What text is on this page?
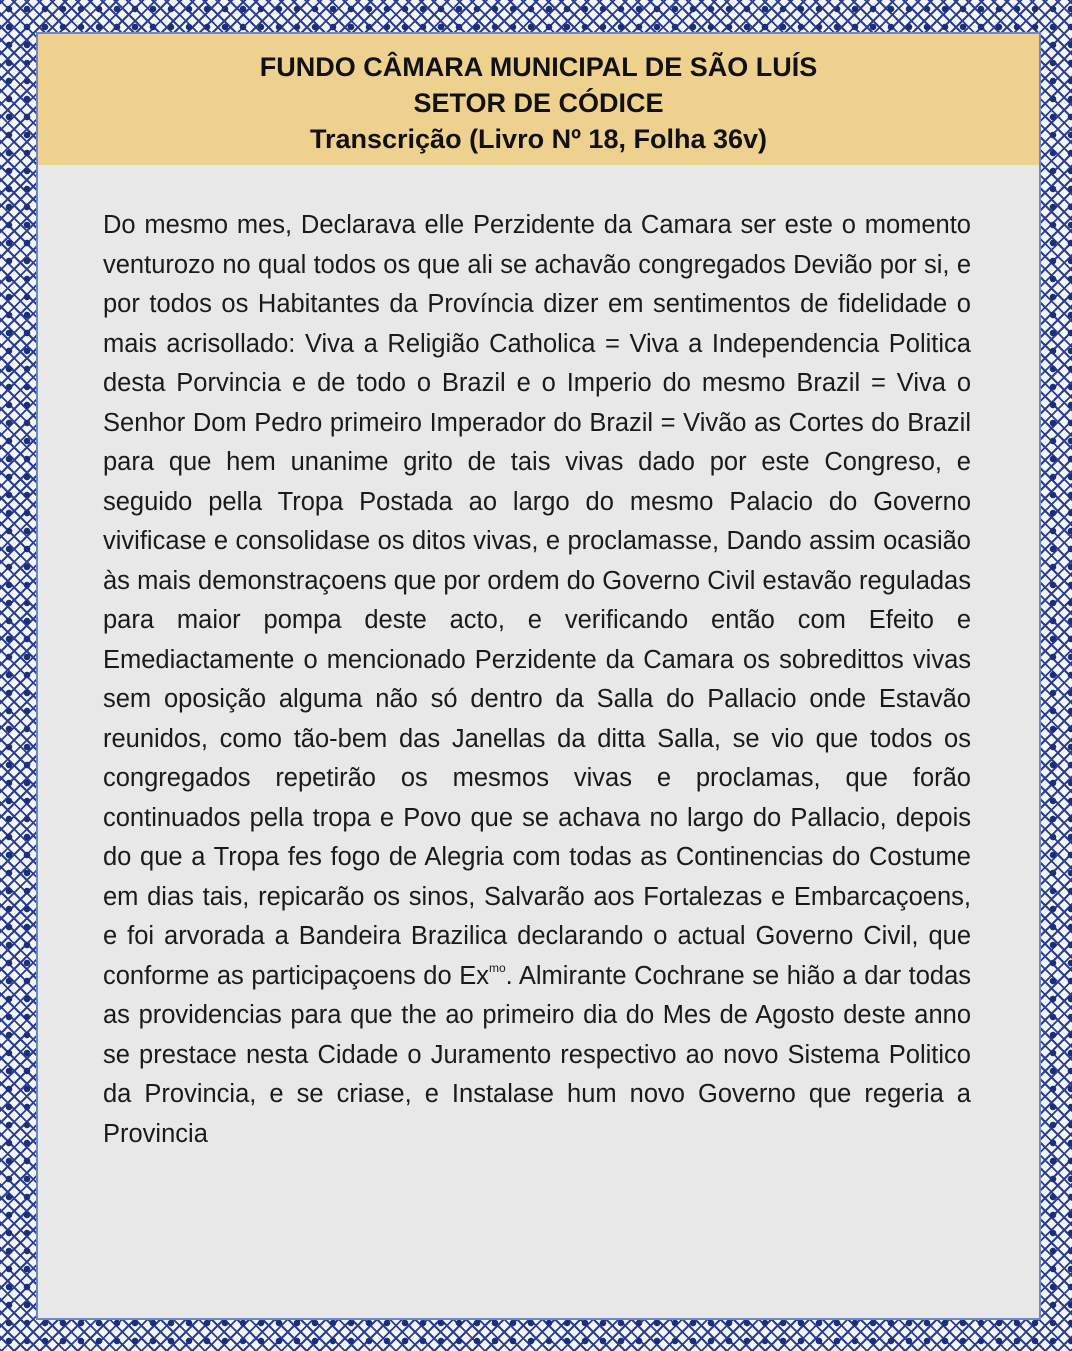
FUNDO CÂMARA MUNICIPAL DE SÃO LUÍS
SETOR DE CÓDICE
Transcrição (Livro Nº 18, Folha 36v)
Do mesmo mes, Declarava elle Perzidente da Camara ser este o momento venturozo no qual todos os que ali se achavão congregados Devião por si, e por todos os Habitantes da Província dizer em sentimentos de fidelidade o mais acrisollado: Viva a Religião Catholica = Viva a Independencia Politica desta Porvincia e de todo o Brazil e o Imperio do mesmo Brazil = Viva o Senhor Dom Pedro primeiro Imperador do Brazil = Vivão as Cortes do Brazil para que hem unanime grito de tais vivas dado por este Congreso, e seguido pella Tropa Postada ao largo do mesmo Palacio do Governo vivificase e consolidase os ditos vivas, e proclamasse, Dando assim ocasião às mais demonstraçoens que por ordem do Governo Civil estavão reguladas para maior pompa deste acto, e verificando então com Efeito e Emediactamente o mencionado Perzidente da Camara os sobredittos vivas sem oposição alguma não só dentro da Salla do Pallacio onde Estavão reunidos, como tão-bem das Janellas da ditta Salla, se vio que todos os congregados repetirão os mesmos vivas e proclamas, que forão continuados pella tropa e Povo que se achava no largo do Pallacio, depois do que a Tropa fes fogo de Alegria com todas as Continencias do Costume em dias tais, repicarão os sinos, Salvarão aos Fortalezas e Embarcaçoens, e foi arvorada a Bandeira Brazilica declarando o actual Governo Civil, que conforme as participaçoens do $Ex^{mo}$. Almirante Cochrane se hião a dar todas as providencias para que the ao primeiro dia do Mes de Agosto deste anno se prestace nesta Cidade o Juramento respectivo ao novo Sistema Politico da Provincia, e se criase, e Instalase hum novo Governo que regeria a Provincia
